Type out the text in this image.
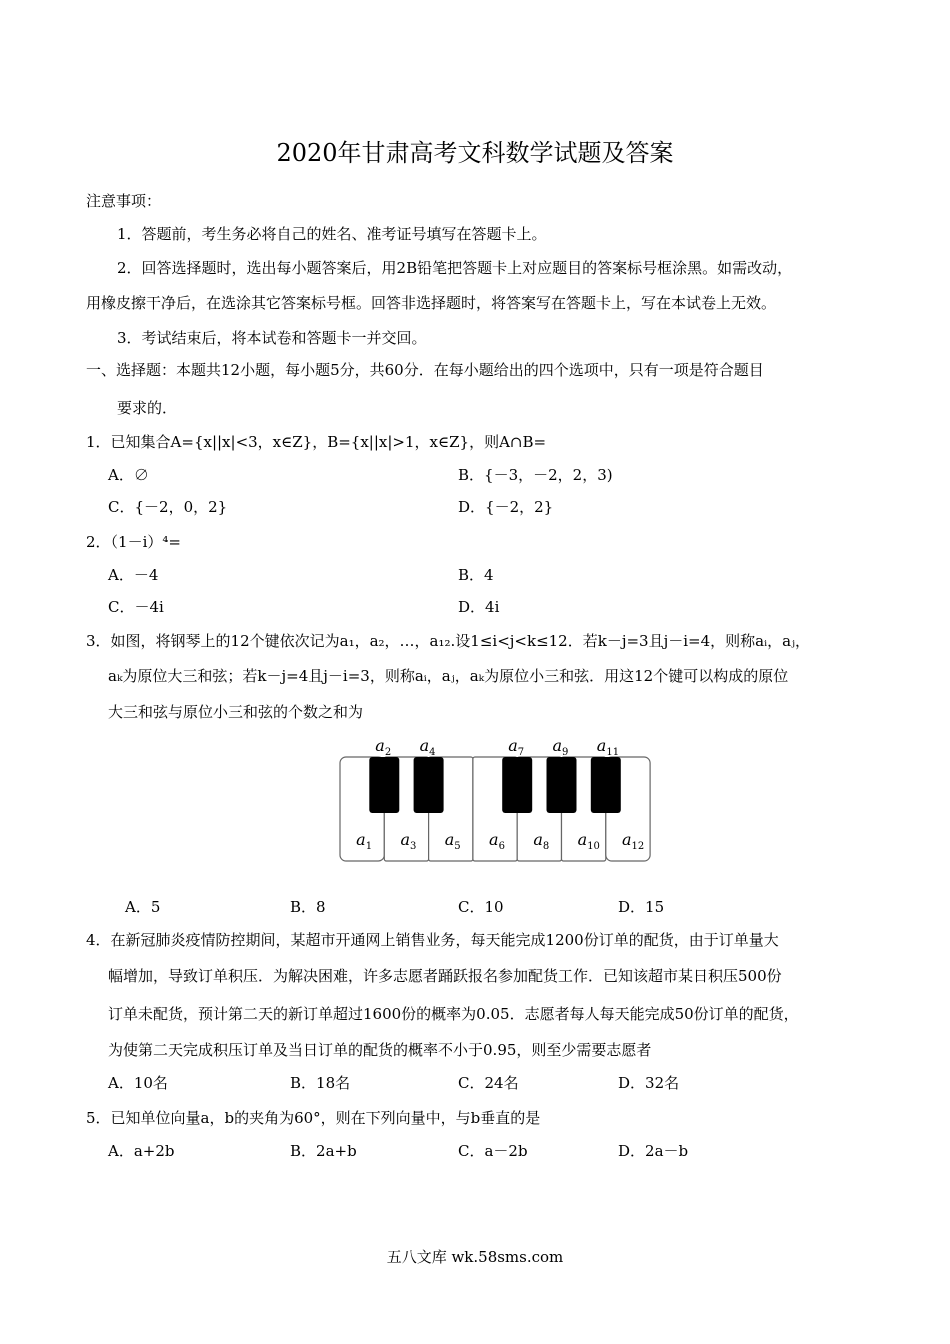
2020年甘肃高考文科数学试题及答案
注意事项：
1．答题前，考生务必将自己的姓名、准考证号填写在答题卡上。
2．回答选择题时，选出每小题答案后，用2B铅笔把答题卡上对应题目的答案标号框涂黑。如需改动，
用橡皮擦干净后，在选涂其它答案标号框。回答非选择题时，将答案写在答题卡上，写在本试卷上无效。
3．考试结束后，将本试卷和答题卡一并交回。
一、选择题：本题共12小题，每小题5分，共60分．在每小题给出的四个选项中，只有一项是符合题目
要求的．
1．已知集合A={x||x|<3，x∈Z}，B={x||x|>1，x∈Z}，则A∩B=
A．∅	B．{－3，－2，2，3)
C．{－2，0，2}	D．{－2，2}
2．（1－i）⁴=
A．－4	B．4
C．－4i	D．4i
3．如图，将钢琴上的12个键依次记为a₁，a₂，…，a₁₂.设1≤i<j<k≤12．若k－j=3且j－i=4，则称aᵢ，aⱼ，
aₖ为原位大三和弦；若k－j=4且j－i=3，则称aᵢ，aⱼ，aₖ为原位小三和弦．用这12个键可以构成的原位
大三和弦与原位小三和弦的个数之和为
$a_1$ $a_3$ $a_5$ $a_6$ $a_8$ $a_{10}$ $a_{12}$
$a_2$ $a_4$	$a_7$ $a_9$ $a_{11}$
A．5	B．8	C．10	D．15
4．在新冠肺炎疫情防控期间，某超市开通网上销售业务，每天能完成1200份订单的配货，由于订单量大
幅增加，导致订单积压．为解决困难，许多志愿者踊跃报名参加配货工作．已知该超市某日积压500份
订单未配货，预计第二天的新订单超过1600份的概率为0.05．志愿者每人每天能完成50份订单的配货，
为使第二天完成积压订单及当日订单的配货的概率不小于0.95，则至少需要志愿者
A．10名	B．18名	C．24名	D．32名
5．已知单位向量a，b的夹角为60°，则在下列向量中，与b垂直的是
A．a+2b	B．2a+b	C．a－2b	D．2a－b
五八文库 wk.58sms.com
